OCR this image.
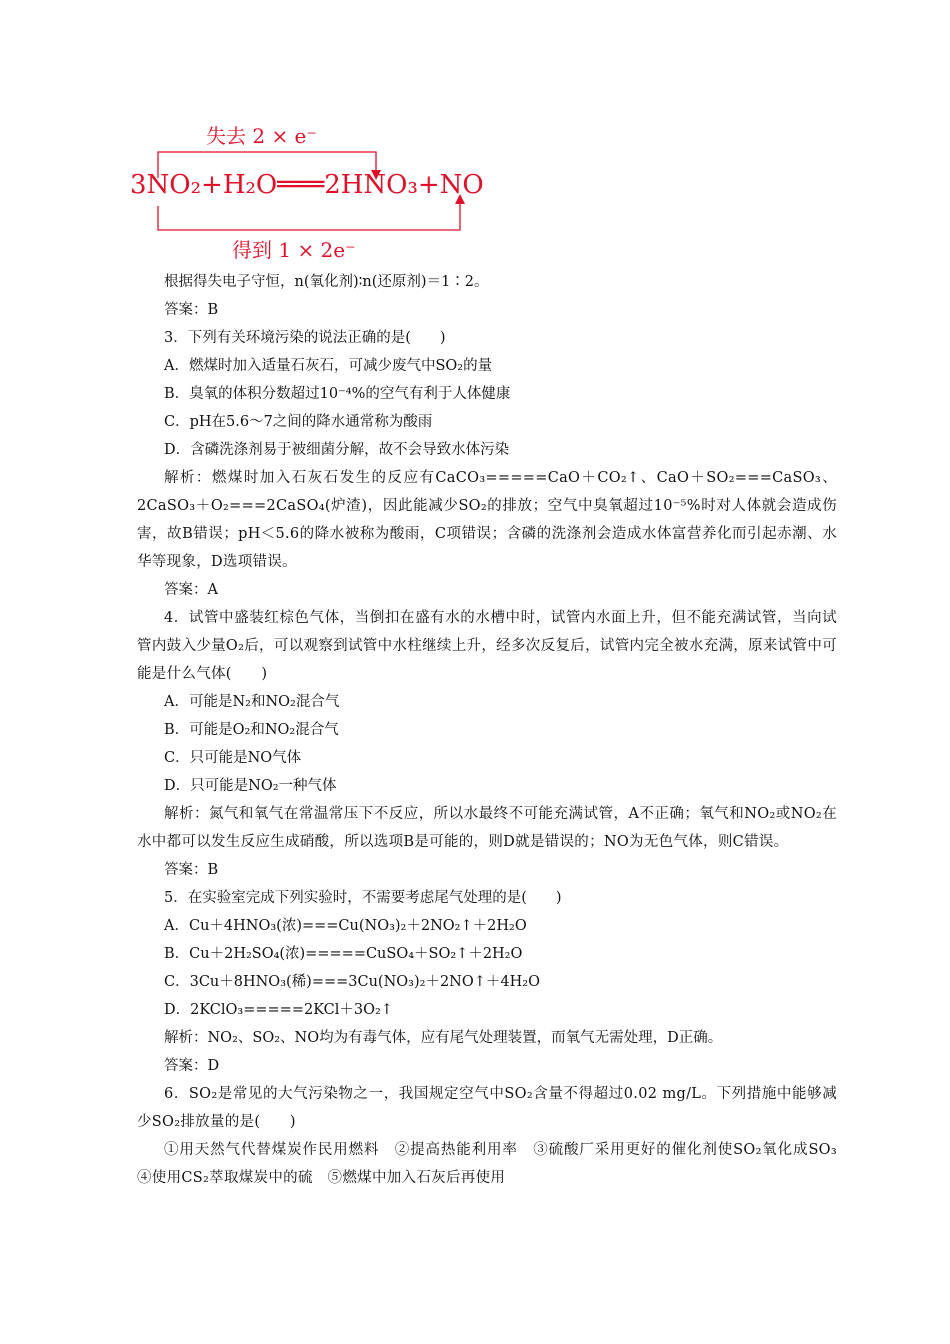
失去 2 × e⁻
3NO₂+H₂O═══2HNO₃+NO
得到 1 × 2e⁻

根据得失电子守恒，n(氧化剂)∶n(还原剂)＝1∶2。

答案：B

3．下列有关环境污染的说法正确的是(　　)

A．燃煤时加入适量石灰石，可减少废气中SO₂的量

B．臭氧的体积分数超过10⁻⁴%的空气有利于人体健康

C．pH在5.6～7之间的降水通常称为酸雨

D．含磷洗涤剂易于被细菌分解，故不会导致水体污染

解析：燃煤时加入石灰石发生的反应有CaCO₃=====CaO＋CO₂↑、CaO＋SO₂===CaSO₃、2CaSO₃＋O₂===2CaSO₄(炉渣)，因此能减少SO₂的排放；空气中臭氧超过10⁻⁵%时对人体就会造成伤害，故B错误；pH＜5.6的降水被称为酸雨，C项错误；含磷的洗涤剂会造成水体富营养化而引起赤潮、水华等现象，D选项错误。

答案：A

4．试管中盛装红棕色气体，当倒扣在盛有水的水槽中时，试管内水面上升，但不能充满试管，当向试管内鼓入少量O₂后，可以观察到试管中水柱继续上升，经多次反复后，试管内完全被水充满，原来试管中可能是什么气体(　　)

A．可能是N₂和NO₂混合气

B．可能是O₂和NO₂混合气

C．只可能是NO气体

D．只可能是NO₂一种气体

解析：氮气和氧气在常温常压下不反应，所以水最终不可能充满试管，A不正确；氧气和NO₂或NO₂在水中都可以发生反应生成硝酸，所以选项B是可能的，则D就是错误的；NO为无色气体，则C错误。

答案：B

5．在实验室完成下列实验时，不需要考虑尾气处理的是(　　)

A．Cu＋4HNO₃(浓)===Cu(NO₃)₂＋2NO₂↑＋2H₂O

B．Cu＋2H₂SO₄(浓)=====CuSO₄＋SO₂↑＋2H₂O

C．3Cu＋8HNO₃(稀)===3Cu(NO₃)₂＋2NO↑＋4H₂O

D．2KClO₃=====2KCl＋3O₂↑

解析：NO₂、SO₂、NO均为有毒气体，应有尾气处理装置，而氧气无需处理，D正确。

答案：D

6．SO₂是常见的大气污染物之一，我国规定空气中SO₂含量不得超过0.02 mg/L。下列措施中能够减少SO₂排放量的是(　　)

①用天然气代替煤炭作民用燃料　②提高热能利用率　③硫酸厂采用更好的催化剂使SO₂氧化成SO₃　④使用CS₂萃取煤炭中的硫　⑤燃煤中加入石灰后再使用
